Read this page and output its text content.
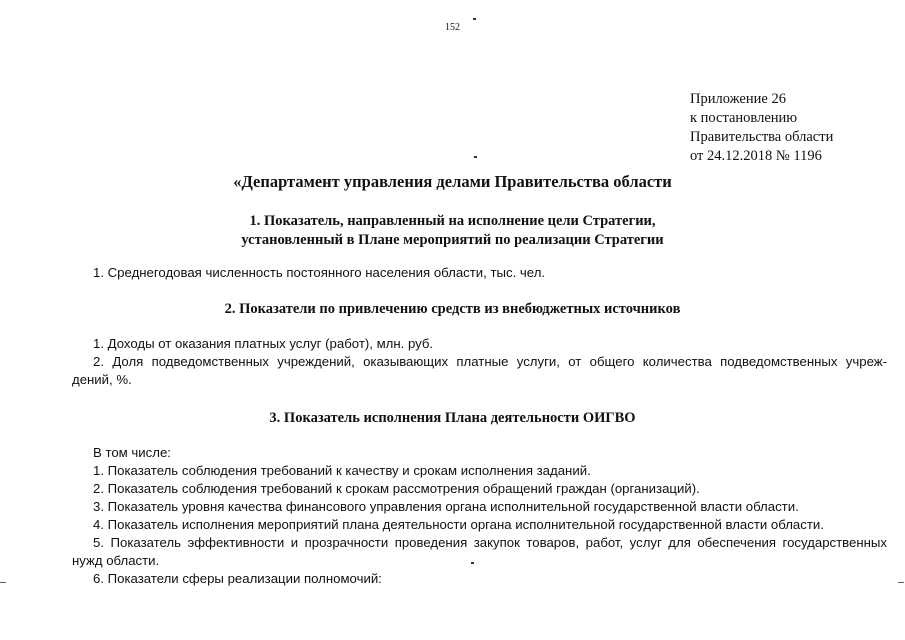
152
Приложение 26
к постановлению
Правительства области
от 24.12.2018 № 1196
«Департамент управления делами Правительства области
1. Показатель, направленный на исполнение цели Стратегии,
установленный в Плане мероприятий по реализации Стратегии
1. Среднегодовая численность постоянного населения области, тыс. чел.
2. Показатели по привлечению средств из внебюджетных источников
1. Доходы от оказания платных услуг (работ), млн. руб.
2. Доля подведомственных учреждений, оказывающих платные услуги, от общего количества подведомственных учреж-
дений, %.
3. Показатель исполнения Плана деятельности ОИГВО
В том числе:
1. Показатель соблюдения требований к качеству и срокам исполнения заданий.
2. Показатель соблюдения требований к срокам рассмотрения обращений граждан (организаций).
3. Показатель уровня качества финансового управления органа исполнительной государственной власти области.
4. Показатель исполнения мероприятий плана деятельности органа исполнительной государственной власти области.
5. Показатель эффективности и прозрачности проведения закупок товаров, работ, услуг для обеспечения государственных
нужд области.
6. Показатели сферы реализации полномочий:
